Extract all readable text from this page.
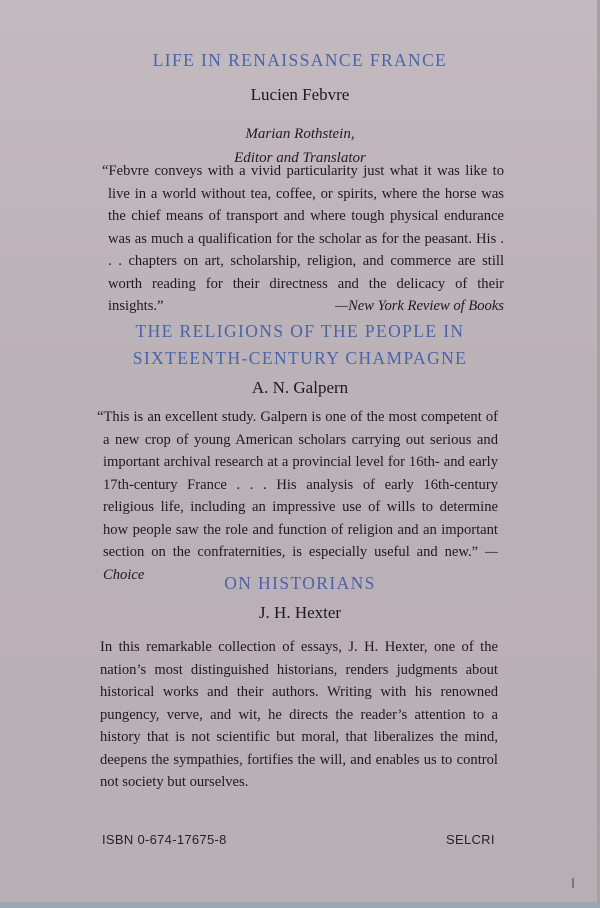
LIFE IN RENAISSANCE FRANCE
Lucien Febvre
Marian Rothstein,
Editor and Translator
“Febvre conveys with a vivid particularity just what it was like to live in a world without tea, coffee, or spirits, where the horse was the chief means of transport and where tough physical endurance was as much a qualification for the scholar as for the peasant. His . . . chapters on art, scholarship, religion, and commerce are still worth reading for their directness and the delicacy of their insights.”	—New York Review of Books
THE RELIGIONS OF THE PEOPLE IN
SIXTEENTH-CENTURY CHAMPAGNE
A. N. Galpern
“This is an excellent study. Galpern is one of the most competent of a new crop of young American scholars carrying out serious and important archival research at a provincial level for 16th- and early 17th-century France . . . His analysis of early 16th-century religious life, including an impressive use of wills to determine how people saw the role and function of religion and an important section on the confraternities, is especially useful and new.” —Choice	ON HISTORIANS
J. H. Hexter
In this remarkable collection of essays, J. H. Hexter, one of the nation’s most distinguished historians, renders judgments about historical works and their authors. Writing with his renowned pungency, verve, and wit, he directs the reader’s attention to a history that is not scientific but moral, that liberalizes the mind, deepens the sympathies, fortifies the will, and enables us to control not society but ourselves.
ISBN 0-674-17675-8	SELCRI
